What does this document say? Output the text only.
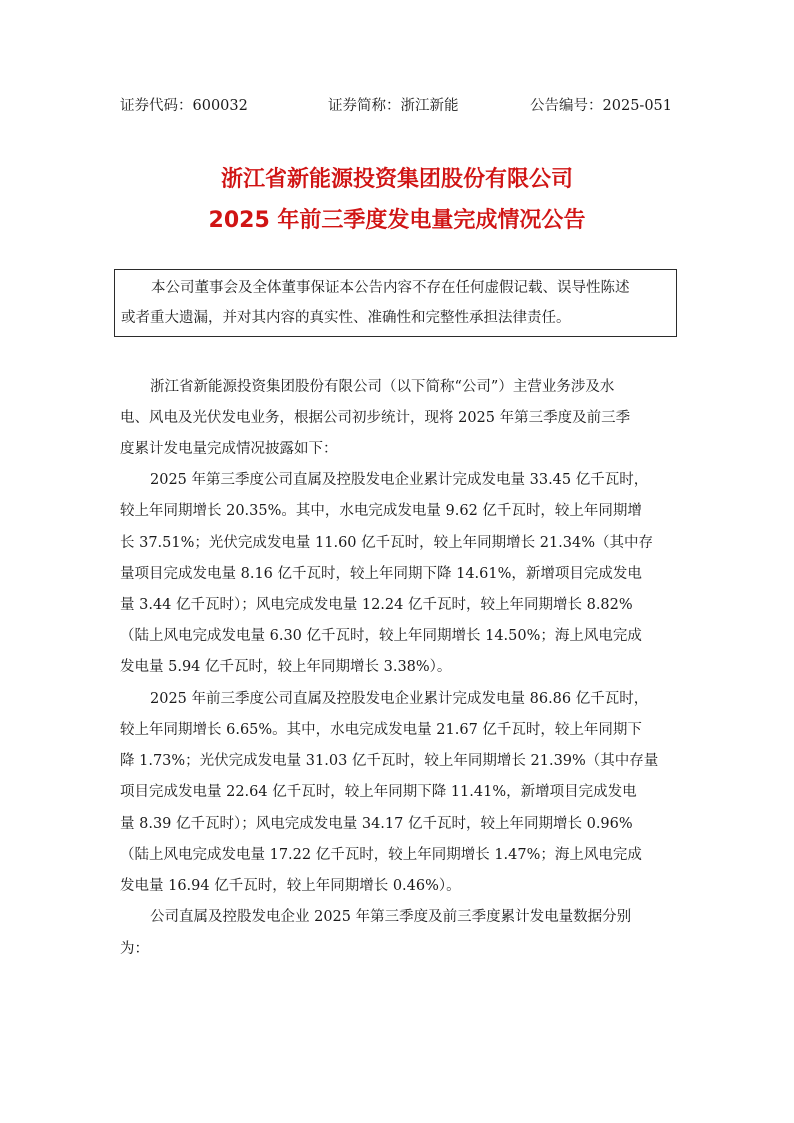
证券代码：600032	证券简称：浙江新能	公告编号：2025-051
浙江省新能源投资集团股份有限公司
2025 年前三季度发电量完成情况公告
本公司董事会及全体董事保证本公告内容不存在任何虚假记载、误导性陈述
或者重大遗漏，并对其内容的真实性、准确性和完整性承担法律责任。
浙江省新能源投资集团股份有限公司（以下简称“公司”）主营业务涉及水
电、风电及光伏发电业务，根据公司初步统计，现将 2025 年第三季度及前三季
度累计发电量完成情况披露如下：
2025 年第三季度公司直属及控股发电企业累计完成发电量 33.45 亿千瓦时，
较上年同期增长 20.35%。其中，水电完成发电量 9.62 亿千瓦时，较上年同期增
长 37.51%；光伏完成发电量 11.60 亿千瓦时，较上年同期增长 21.34%（其中存
量项目完成发电量 8.16 亿千瓦时，较上年同期下降 14.61%，新增项目完成发电
量 3.44 亿千瓦时）；风电完成发电量 12.24 亿千瓦时，较上年同期增长 8.82%
（陆上风电完成发电量 6.30 亿千瓦时，较上年同期增长 14.50%；海上风电完成
发电量 5.94 亿千瓦时，较上年同期增长 3.38%）。
2025 年前三季度公司直属及控股发电企业累计完成发电量 86.86 亿千瓦时，
较上年同期增长 6.65%。其中，水电完成发电量 21.67 亿千瓦时，较上年同期下
降 1.73%；光伏完成发电量 31.03 亿千瓦时，较上年同期增长 21.39%（其中存量
项目完成发电量 22.64 亿千瓦时，较上年同期下降 11.41%，新增项目完成发电
量 8.39 亿千瓦时）；风电完成发电量 34.17 亿千瓦时，较上年同期增长 0.96%
（陆上风电完成发电量 17.22 亿千瓦时，较上年同期增长 1.47%；海上风电完成
发电量 16.94 亿千瓦时，较上年同期增长 0.46%）。
公司直属及控股发电企业 2025 年第三季度及前三季度累计发电量数据分别
为：
